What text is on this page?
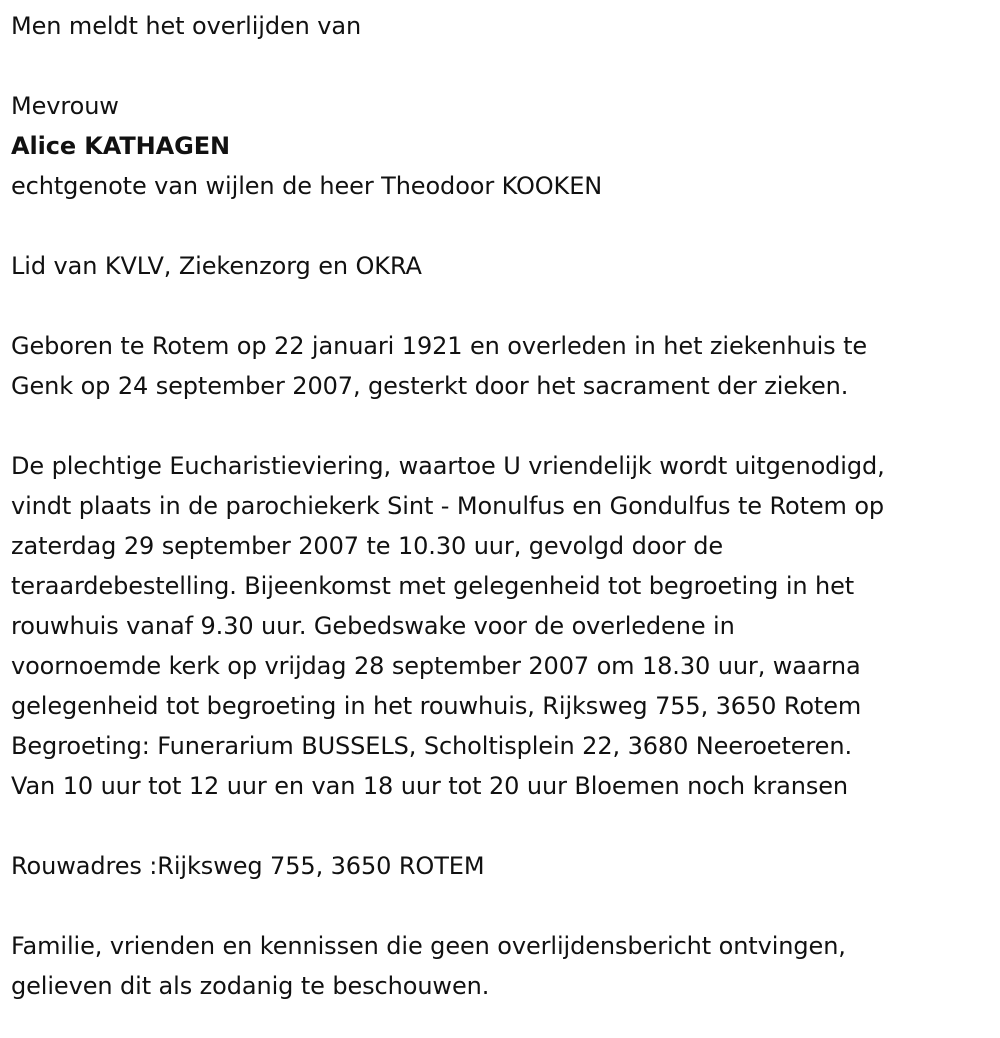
Men meldt het overlijden van
Mevrouw
Alice KATHAGEN
echtgenote van wijlen de heer Theodoor KOOKEN
Lid van KVLV, Ziekenzorg en OKRA
Geboren te Rotem op 22 januari 1921 en overleden in het ziekenhuis te
Genk op 24 september 2007, gesterkt door het sacrament der zieken.
De plechtige Eucharistieviering, waartoe U vriendelijk wordt uitgenodigd,
vindt plaats in de parochiekerk Sint - Monulfus en Gondulfus te Rotem op
zaterdag 29 september 2007 te 10.30 uur, gevolgd door de
teraardebestelling. Bijeenkomst met gelegenheid tot begroeting in het
rouwhuis vanaf 9.30 uur. Gebedswake voor de overledene in
voornoemde kerk op vrijdag 28 september 2007 om 18.30 uur, waarna
gelegenheid tot begroeting in het rouwhuis, Rijksweg 755, 3650 Rotem
Begroeting: Funerarium BUSSELS, Scholtisplein 22, 3680 Neeroeteren.
Van 10 uur tot 12 uur en van 18 uur tot 20 uur Bloemen noch kransen
Rouwadres :Rijksweg 755, 3650 ROTEM
Familie, vrienden en kennissen die geen overlijdensbericht ontvingen,
gelieven dit als zodanig te beschouwen.
